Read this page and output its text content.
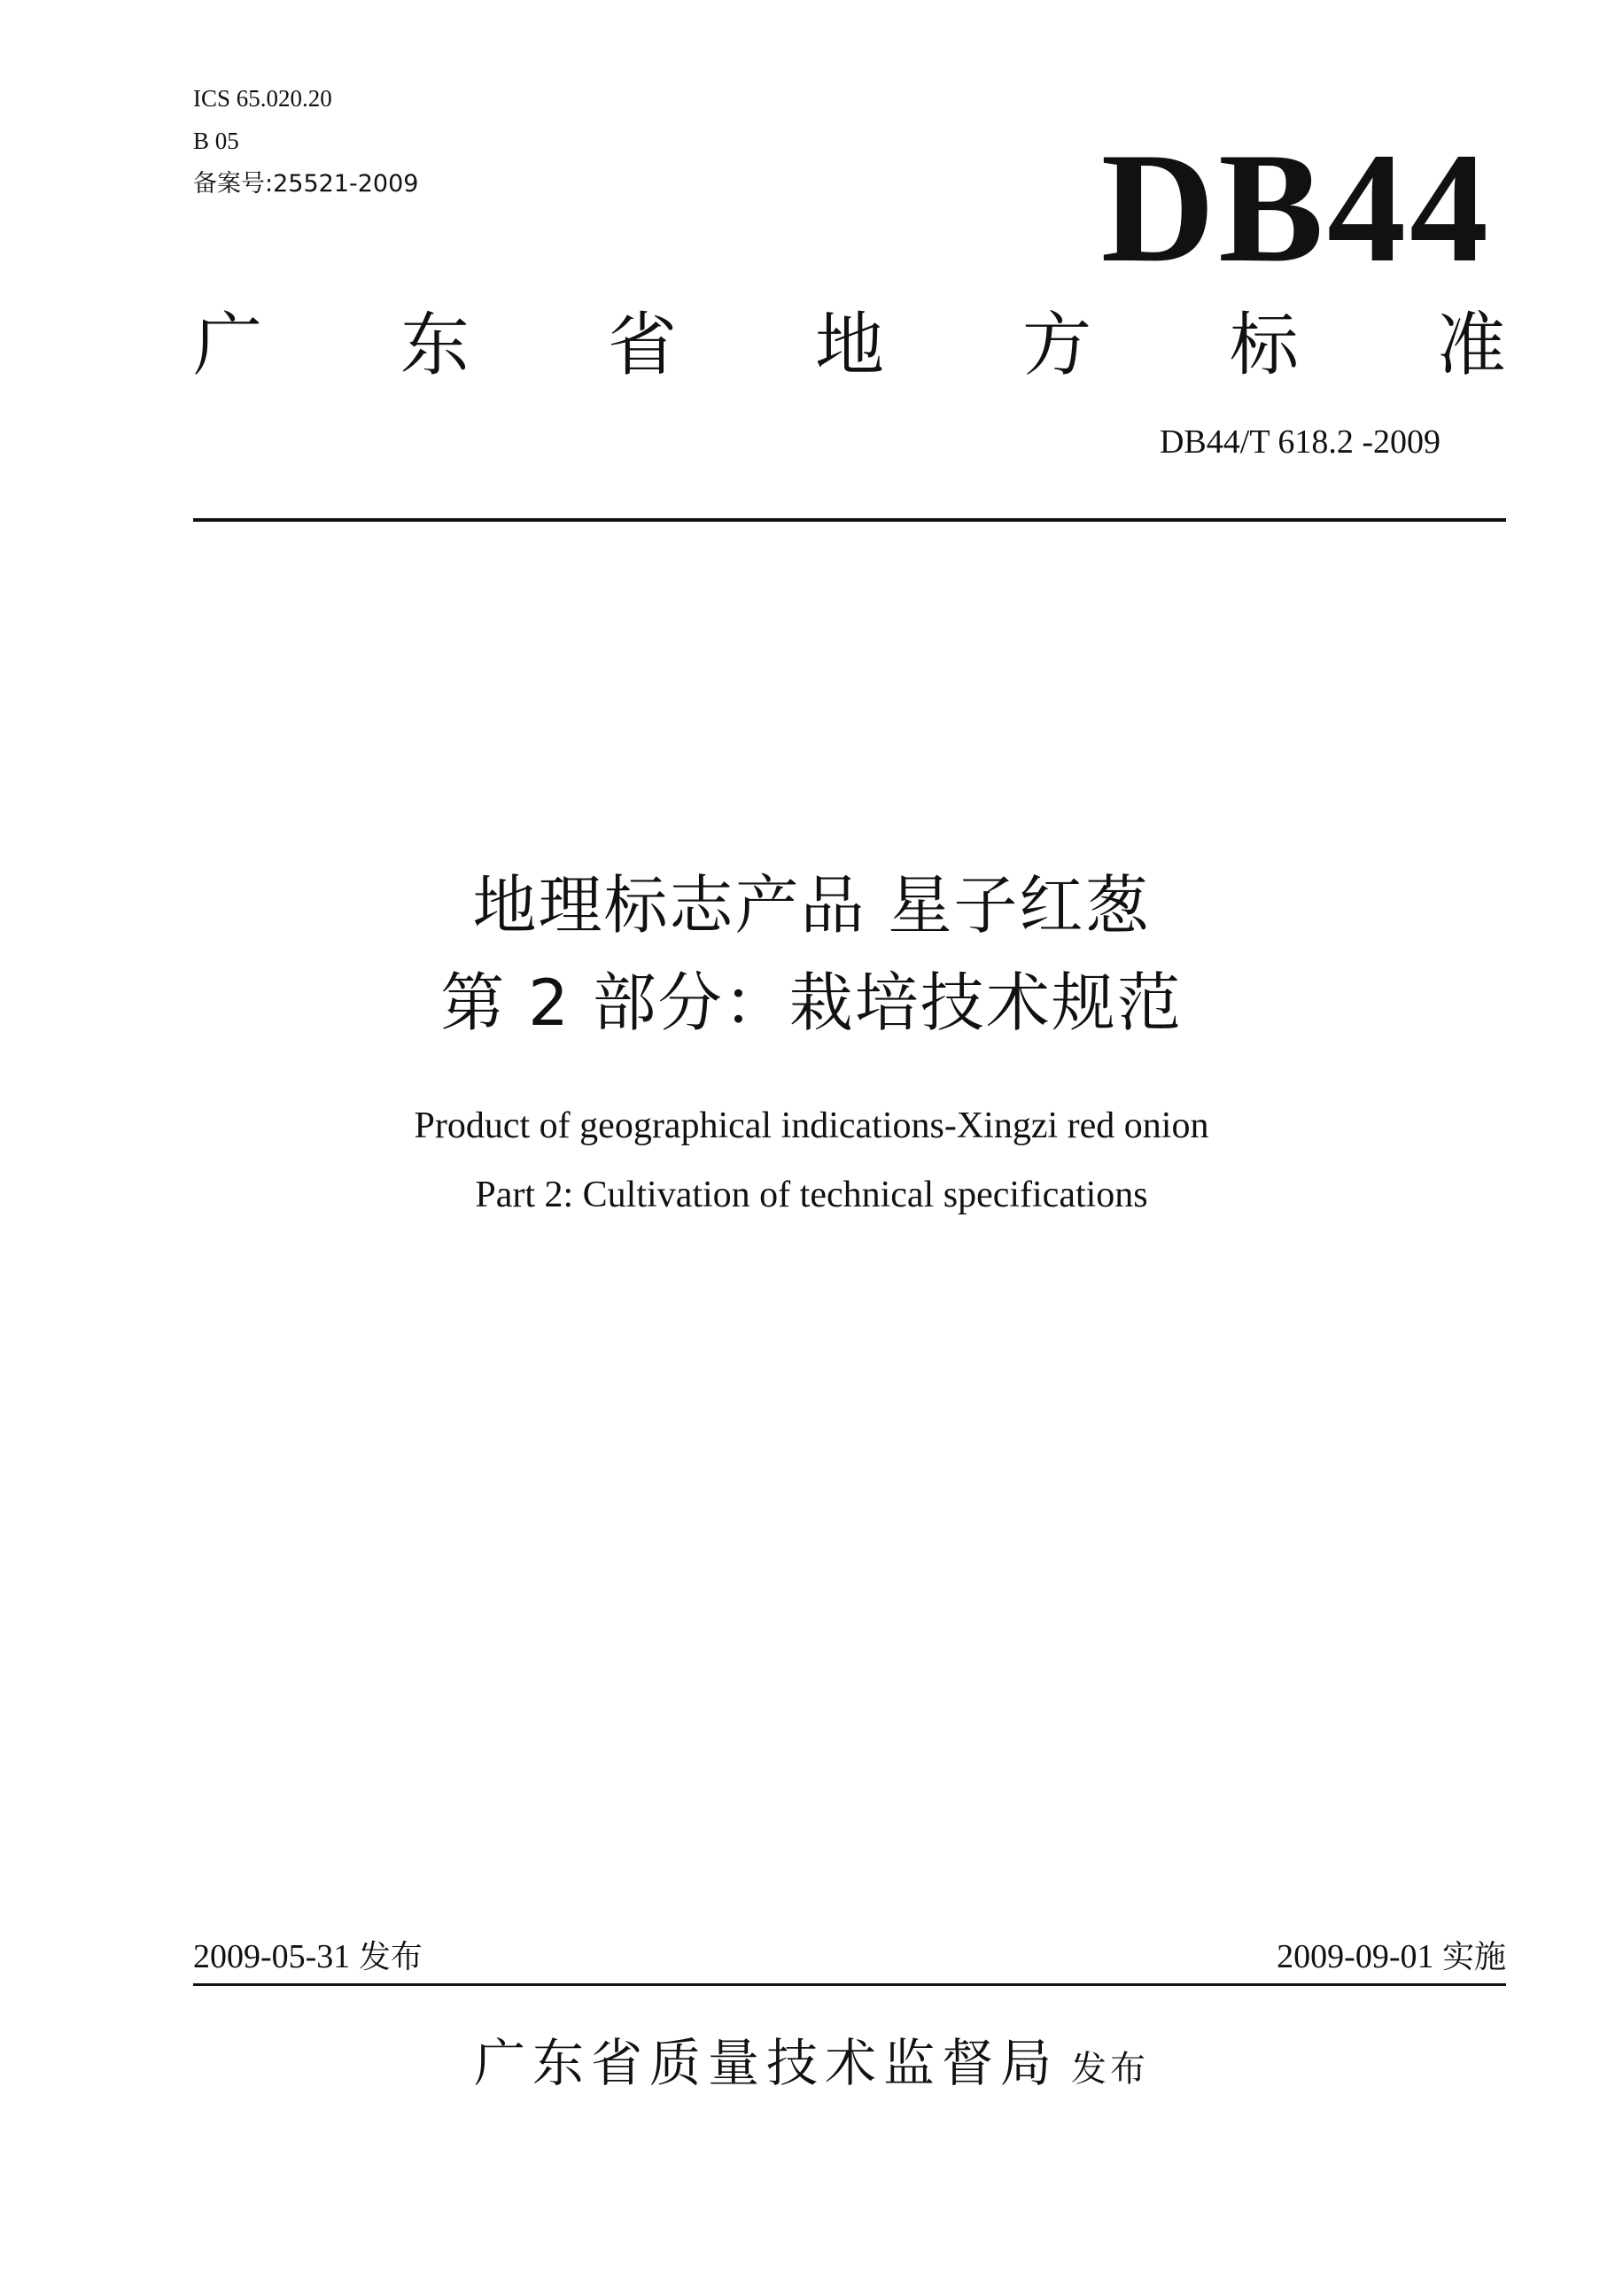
ICS 65.020.20
B 05
备案号:25521-2009	DB44
广 东 省 地 方 标 准
DB44/T 618.2 -2009
地理标志产品 星子红葱
第 2 部分：栽培技术规范
Product of geographical indications-Xingzi red onion
Part 2: Cultivation of technical specifications
2009-05-31 发布	2009-09-01 实施
广东省质量技术监督局 发布
